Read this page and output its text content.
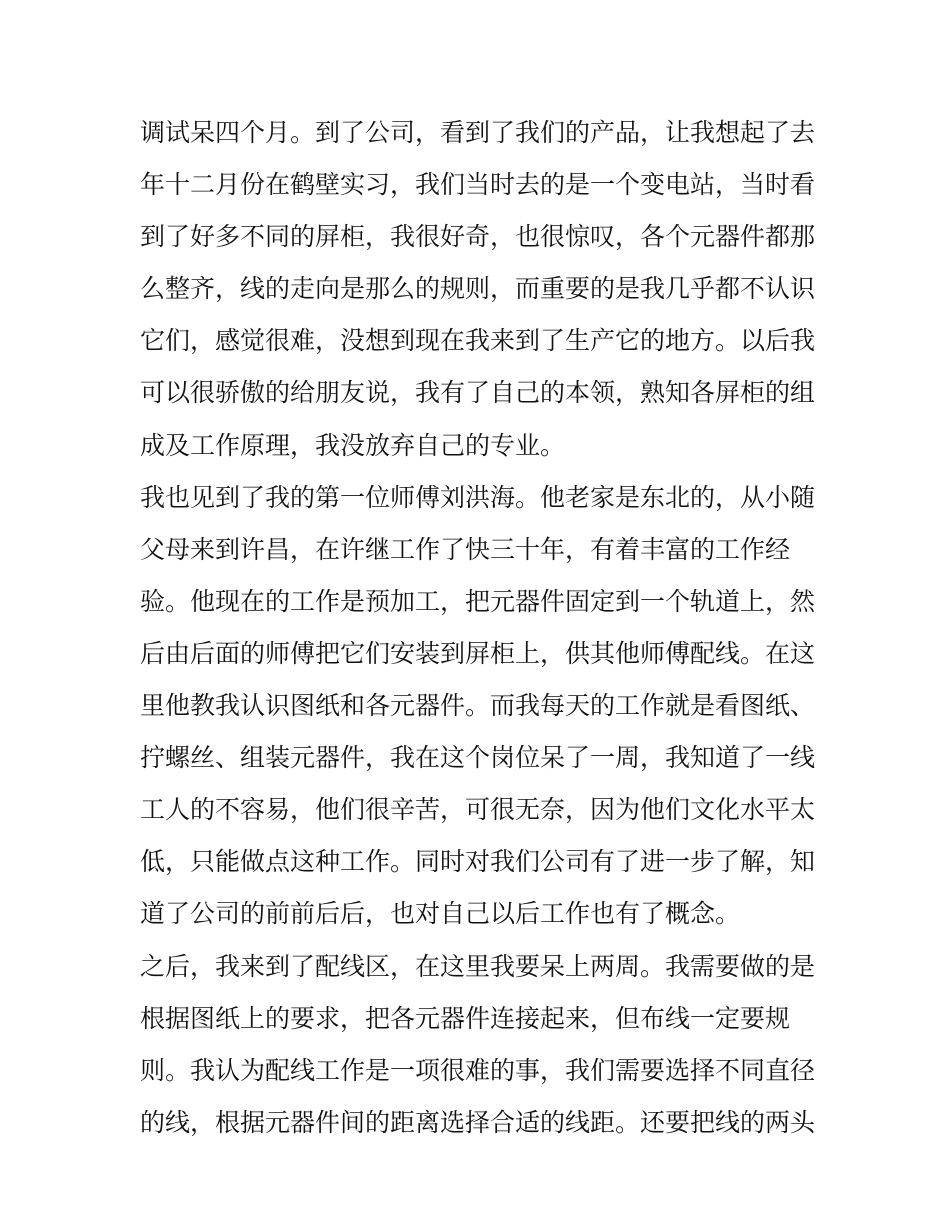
调试呆四个月。到了公司，看到了我们的产品，让我想起了去
年十二月份在鹤壁实习，我们当时去的是一个变电站，当时看
到了好多不同的屏柜，我很好奇，也很惊叹，各个元器件都那
么整齐，线的走向是那么的规则，而重要的是我几乎都不认识
它们，感觉很难，没想到现在我来到了生产它的地方。以后我
可以很骄傲的给朋友说，我有了自己的本领，熟知各屏柜的组
成及工作原理，我没放弃自己的专业。
我也见到了我的第一位师傅刘洪海。他老家是东北的，从小随
父母来到许昌，在许继工作了快三十年，有着丰富的工作经
验。他现在的工作是预加工，把元器件固定到一个轨道上，然
后由后面的师傅把它们安装到屏柜上，供其他师傅配线。在这
里他教我认识图纸和各元器件。而我每天的工作就是看图纸、
拧螺丝、组装元器件，我在这个岗位呆了一周，我知道了一线
工人的不容易，他们很辛苦，可很无奈，因为他们文化水平太
低，只能做点这种工作。同时对我们公司有了进一步了解，知
道了公司的前前后后，也对自己以后工作也有了概念。
之后，我来到了配线区，在这里我要呆上两周。我需要做的是
根据图纸上的要求，把各元器件连接起来，但布线一定要规
则。我认为配线工作是一项很难的事，我们需要选择不同直径
的线，根据元器件间的距离选择合适的线距。还要把线的两头
